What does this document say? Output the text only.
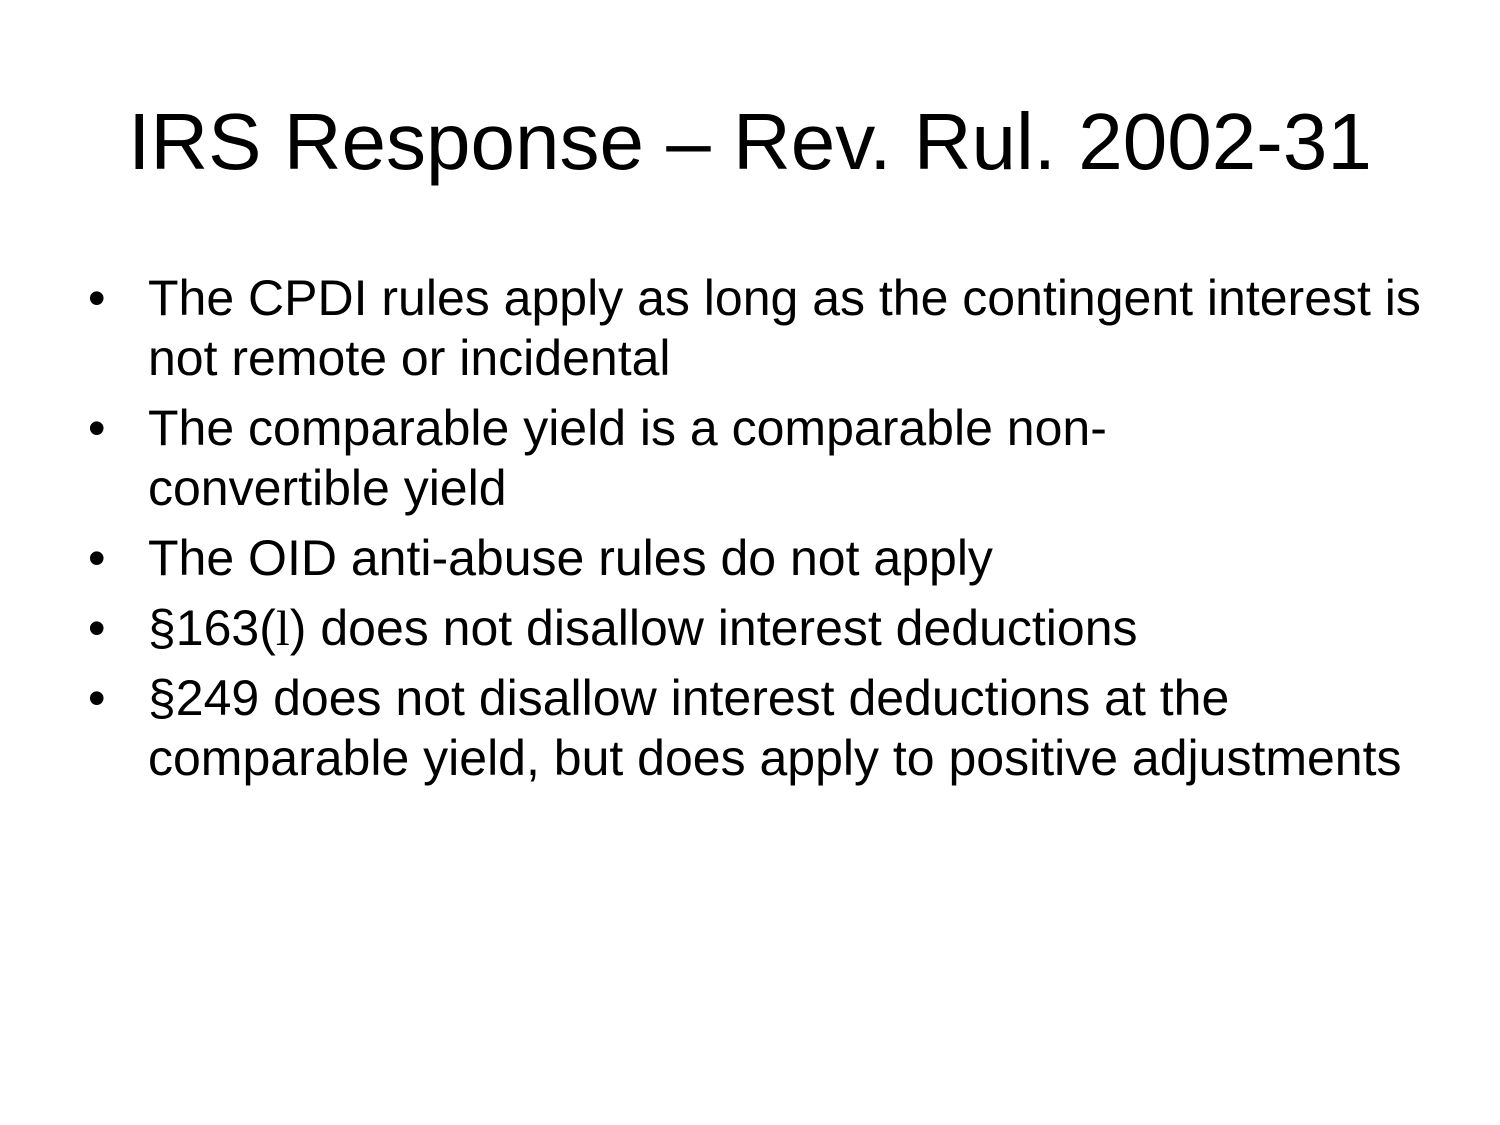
IRS Response – Rev. Rul. 2002-31
• The CPDI rules apply as long as the contingent interest is not remote or incidental
• The comparable yield is a comparable non-
convertible yield
• The OID anti-abuse rules do not apply
• §163(l) does not disallow interest deductions
• §249 does not disallow interest deductions at the comparable yield, but does apply to positive adjustments
